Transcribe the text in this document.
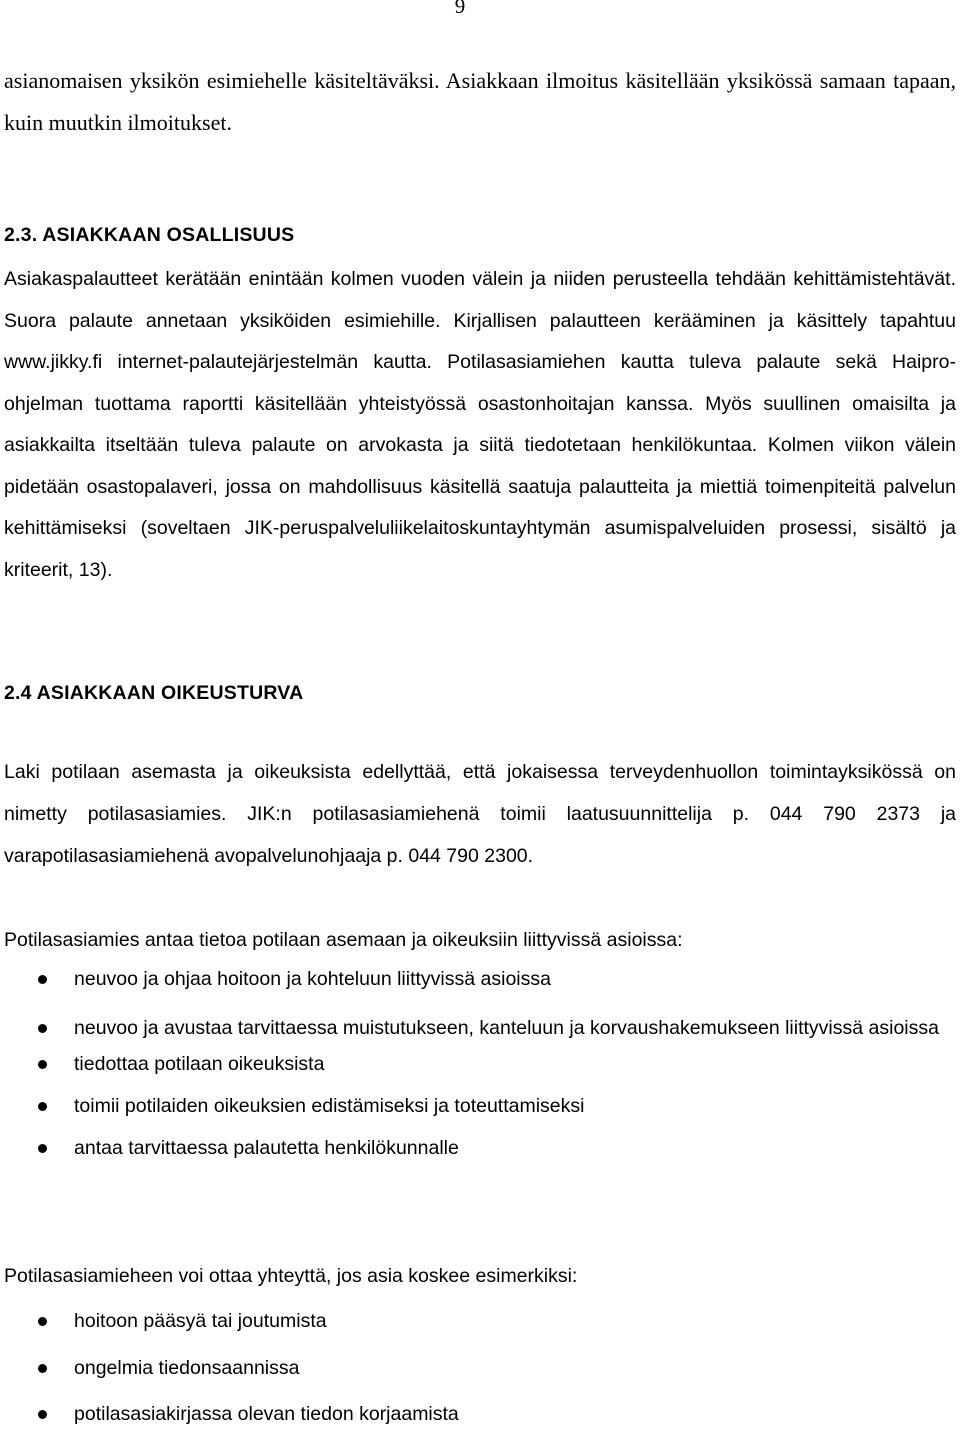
9
asianomaisen yksikön esimiehelle käsiteltäväksi. Asiakkaan ilmoitus käsitellään yksikössä samaan tapaan, kuin muutkin ilmoitukset.
2.3. ASIAKKAAN OSALLISUUS
Asiakaspalautteet kerätään enintään kolmen vuoden välein ja niiden perusteella tehdään kehittämistehtävät. Suora palaute annetaan yksiköiden esimiehille. Kirjallisen palautteen kerääminen ja käsittely tapahtuu www.jikky.fi internet-palautejärjestelmän kautta. Potilasasiamiehen kautta tuleva palaute sekä Haipro-ohjelman tuottama raportti käsitellään yhteistyössä osastonhoitajan kanssa. Myös suullinen omaisilta ja asiakkailta itseltään tuleva palaute on arvokasta ja siitä tiedotetaan henkilökuntaa. Kolmen viikon välein pidetään osastopalaveri, jossa on mahdollisuus käsitellä saatuja palautteita ja miettiä toimenpiteitä palvelun kehittämiseksi (soveltaen JIK-peruspalveluliikelaitoskuntayhtymän asumispalveluiden prosessi, sisältö ja kriteerit, 13).
2.4 ASIAKKAAN OIKEUSTURVA
Laki potilaan asemasta ja oikeuksista edellyttää, että jokaisessa terveydenhuollon toimintayksikössä on nimetty potilasasiamies. JIK:n potilasasiamiehenä toimii laatusuunnittelija p. 044 790 2373 ja varapotilasasiamiehenä avopalvelunohjaaja p. 044 790 2300.
Potilasasiamies antaa tietoa potilaan asemaan ja oikeuksiin liittyvissä asioissa:
neuvoo ja ohjaa hoitoon ja kohteluun liittyvissä asioissa
neuvoo ja avustaa tarvittaessa muistutukseen, kanteluun ja korvaushakemukseen liittyvissä asioissa
tiedottaa potilaan oikeuksista
toimii potilaiden oikeuksien edistämiseksi ja toteuttamiseksi
antaa tarvittaessa palautetta henkilökunnalle
Potilasasiamieheen voi ottaa yhteyttä, jos asia koskee esimerkiksi:
hoitoon pääsyä tai joutumista
ongelmia tiedonsaannissa
potilasasiakirjassa olevan tiedon korjaamista
